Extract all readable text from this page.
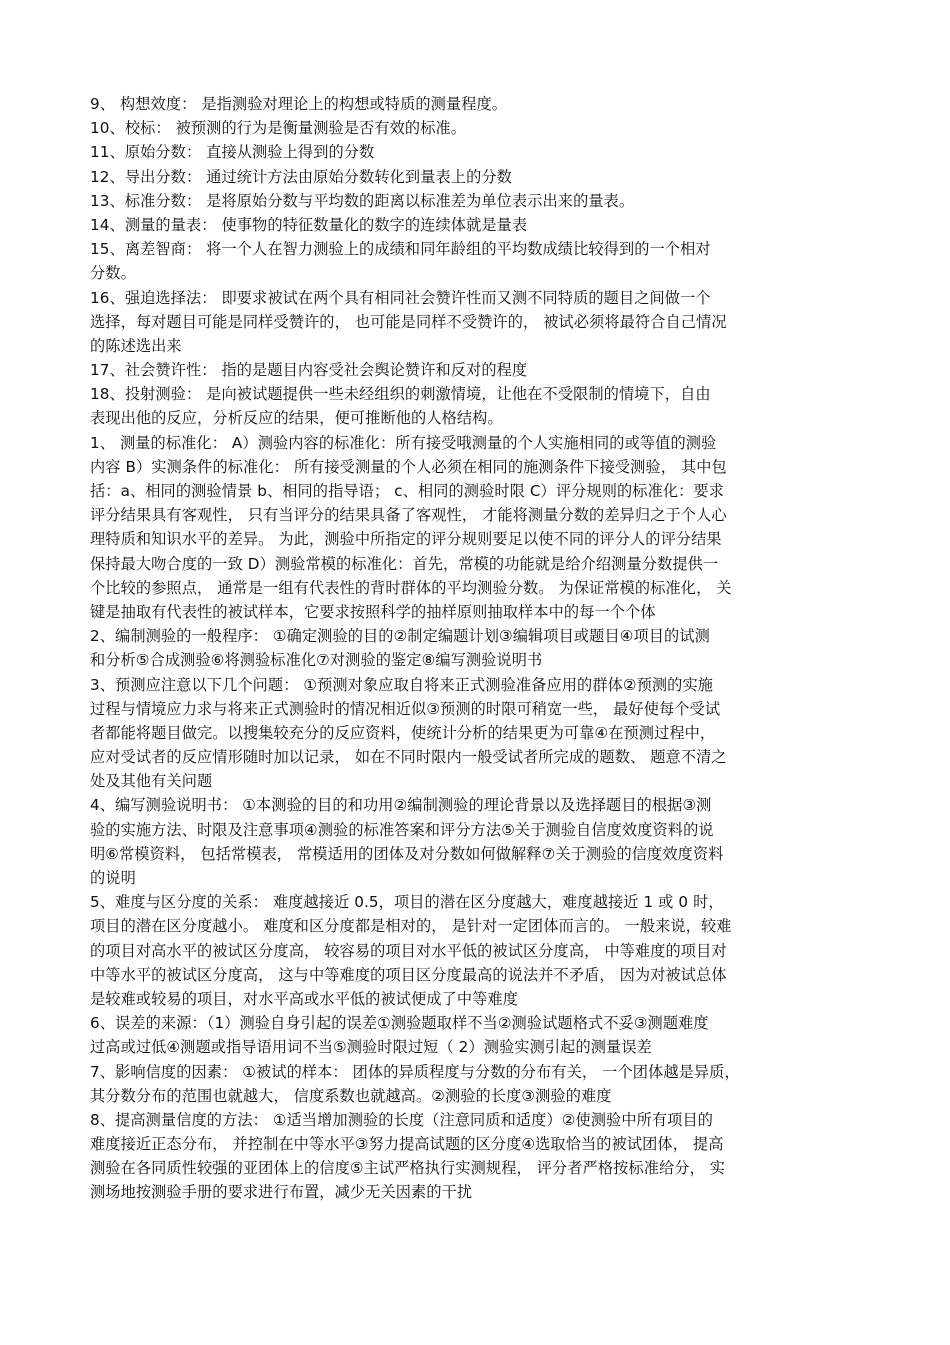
9、 构想效度： 是指测验对理论上的构想或特质的测量程度。
10、校标： 被预测的行为是衡量测验是否有效的标准。
11、原始分数： 直接从测验上得到的分数
12、导出分数： 通过统计方法由原始分数转化到量表上的分数
13、标准分数： 是将原始分数与平均数的距离以标准差为单位表示出来的量表。
14、测量的量表： 使事物的特征数量化的数字的连续体就是量表
15、离差智商： 将一个人在智力测验上的成绩和同年龄组的平均数成绩比较得到的一个相对
分数。
16、强迫选择法： 即要求被试在两个具有相同社会赞许性而又测不同特质的题目之间做一个
选择，每对题目可能是同样受赞许的， 也可能是同样不受赞许的， 被试必须将最符合自己情况
的陈述选出来
17、社会赞许性： 指的是题目内容受社会舆论赞许和反对的程度
18、投射测验： 是向被试题提供一些未经组织的刺激情境，让他在不受限制的情境下，自由
表现出他的反应，分析反应的结果，便可推断他的人格结构。
1、 测量的标准化： A）测验内容的标准化：所有接受哦测量的个人实施相同的或等值的测验
内容 B）实测条件的标准化： 所有接受测量的个人必须在相同的施测条件下接受测验， 其中包
括：a、相同的测验情景 b、相同的指导语； c、相同的测验时限 C）评分规则的标准化：要求
评分结果具有客观性， 只有当评分的结果具备了客观性， 才能将测量分数的差异归之于个人心
理特质和知识水平的差异。 为此，测验中所指定的评分规则要足以使不同的评分人的评分结果
保持最大吻合度的一致 D）测验常模的标准化：首先，常模的功能就是给介绍测量分数提供一
个比较的参照点， 通常是一组有代表性的背时群体的平均测验分数。 为保证常模的标准化， 关
键是抽取有代表性的被试样本，它要求按照科学的抽样原则抽取样本中的每一个个体
2、编制测验的一般程序： ①确定测验的目的②制定编题计划③编辑项目或题目④项目的试测
和分析⑤合成测验⑥将测验标准化⑦对测验的鉴定⑧编写测验说明书
3、预测应注意以下几个问题： ①预测对象应取自将来正式测验准备应用的群体②预测的实施
过程与情境应力求与将来正式测验时的情况相近似③预测的时限可稍宽一些， 最好使每个受试
者都能将题目做完。以搜集较充分的反应资料，使统计分析的结果更为可靠④在预测过程中，
应对受试者的反应情形随时加以记录， 如在不同时限内一般受试者所完成的题数、 题意不清之
处及其他有关问题
4、编写测验说明书： ①本测验的目的和功用②编制测验的理论背景以及选择题目的根据③测
验的实施方法、时限及注意事项④测验的标准答案和评分方法⑤关于测验自信度效度资料的说
明⑥常模资料， 包括常模表， 常模适用的团体及对分数如何做解释⑦关于测验的信度效度资料
的说明
5、难度与区分度的关系： 难度越接近 0.5，项目的潜在区分度越大，难度越接近 1 或 0 时，
项目的潜在区分度越小。 难度和区分度都是相对的， 是针对一定团体而言的。 一般来说，较难
的项目对高水平的被试区分度高， 较容易的项目对水平低的被试区分度高， 中等难度的项目对
中等水平的被试区分度高， 这与中等难度的项目区分度最高的说法并不矛盾， 因为对被试总体
是较难或较易的项目，对水平高或水平低的被试便成了中等难度
6、误差的来源：（1）测验自身引起的误差①测验题取样不当②测验试题格式不妥③测题难度
过高或过低④测题或指导语用词不当⑤测验时限过短（ 2）测验实测引起的测量误差
7、影响信度的因素： ①被试的样本： 团体的异质程度与分数的分布有关， 一个团体越是异质，
其分数分布的范围也就越大， 信度系数也就越高。②测验的长度③测验的难度
8、提高测量信度的方法： ①适当增加测验的长度（注意同质和适度）②使测验中所有项目的
难度接近正态分布， 并控制在中等水平③努力提高试题的区分度④选取恰当的被试团体， 提高
测验在各同质性较强的亚团体上的信度⑤主试严格执行实测规程， 评分者严格按标准给分， 实
测场地按测验手册的要求进行布置，减少无关因素的干扰
